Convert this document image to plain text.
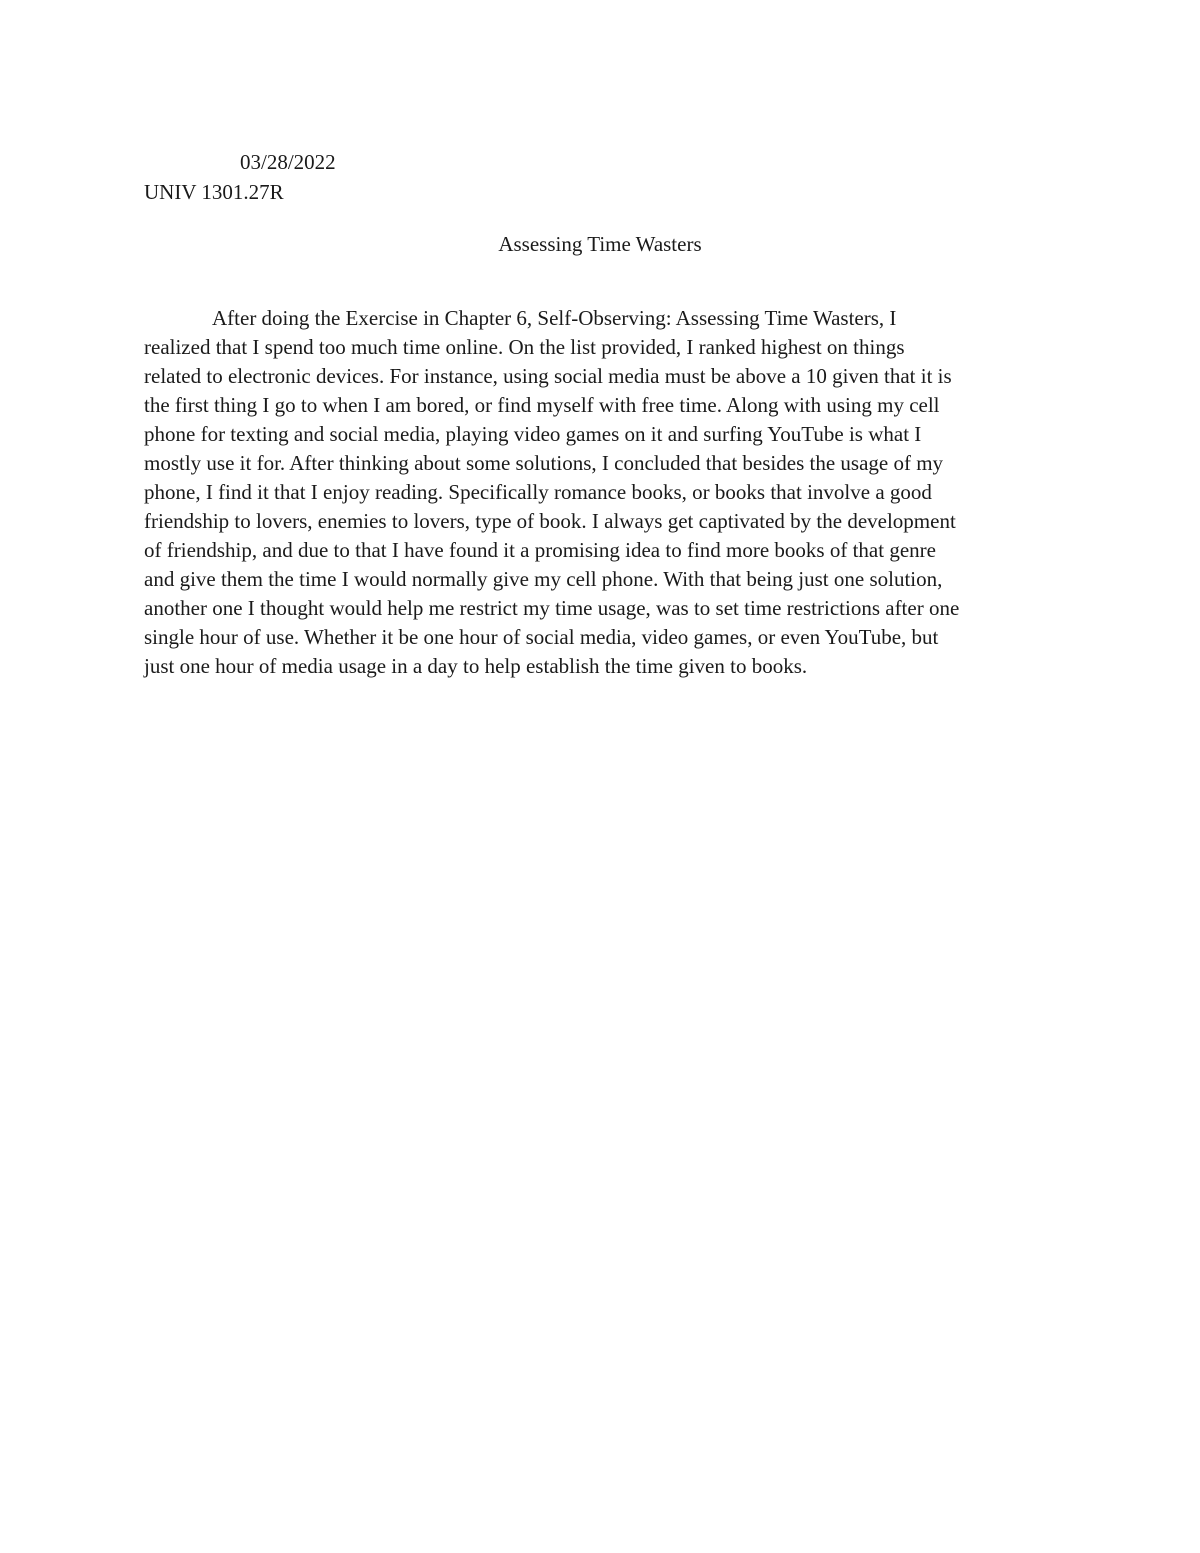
03/28/2022
UNIV 1301.27R
Assessing Time Wasters

After doing the Exercise in Chapter 6, Self-Observing: Assessing Time Wasters, I
realized that I spend too much time online. On the list provided, I ranked highest on things
related to electronic devices. For instance, using social media must be above a 10 given that it is
the first thing I go to when I am bored, or find myself with free time. Along with using my cell
phone for texting and social media, playing video games on it and surfing YouTube is what I
mostly use it for. After thinking about some solutions, I concluded that besides the usage of my
phone, I find it that I enjoy reading. Specifically romance books, or books that involve a good
friendship to lovers, enemies to lovers, type of book. I always get captivated by the development
of friendship, and due to that I have found it a promising idea to find more books of that genre
and give them the time I would normally give my cell phone. With that being just one solution,
another one I thought would help me restrict my time usage, was to set time restrictions after one
single hour of use. Whether it be one hour of social media, video games, or even YouTube, but
just one hour of media usage in a day to help establish the time given to books.
